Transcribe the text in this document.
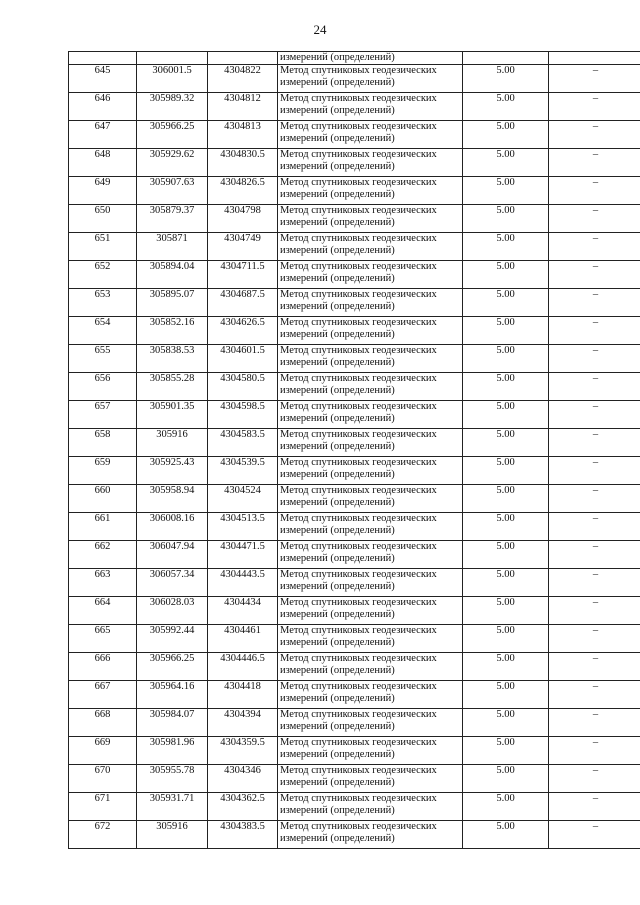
24
			измерений (определений)		
645	306001.5	4304822	Метод спутниковых геодезических
измерений (определений)	5.00	–
646	305989.32	4304812	Метод спутниковых геодезических
измерений (определений)	5.00	–
647	305966.25	4304813	Метод спутниковых геодезических
измерений (определений)	5.00	–
648	305929.62	4304830.5	Метод спутниковых геодезических
измерений (определений)	5.00	–
649	305907.63	4304826.5	Метод спутниковых геодезических
измерений (определений)	5.00	–
650	305879.37	4304798	Метод спутниковых геодезических
измерений (определений)	5.00	–
651	305871	4304749	Метод спутниковых геодезических
измерений (определений)	5.00	–
652	305894.04	4304711.5	Метод спутниковых геодезических
измерений (определений)	5.00	–
653	305895.07	4304687.5	Метод спутниковых геодезических
измерений (определений)	5.00	–
654	305852.16	4304626.5	Метод спутниковых геодезических
измерений (определений)	5.00	–
655	305838.53	4304601.5	Метод спутниковых геодезических
измерений (определений)	5.00	–
656	305855.28	4304580.5	Метод спутниковых геодезических
измерений (определений)	5.00	–
657	305901.35	4304598.5	Метод спутниковых геодезических
измерений (определений)	5.00	–
658	305916	4304583.5	Метод спутниковых геодезических
измерений (определений)	5.00	–
659	305925.43	4304539.5	Метод спутниковых геодезических
измерений (определений)	5.00	–
660	305958.94	4304524	Метод спутниковых геодезических
измерений (определений)	5.00	–
661	306008.16	4304513.5	Метод спутниковых геодезических
измерений (определений)	5.00	–
662	306047.94	4304471.5	Метод спутниковых геодезических
измерений (определений)	5.00	–
663	306057.34	4304443.5	Метод спутниковых геодезических
измерений (определений)	5.00	–
664	306028.03	4304434	Метод спутниковых геодезических
измерений (определений)	5.00	–
665	305992.44	4304461	Метод спутниковых геодезических
измерений (определений)	5.00	–
666	305966.25	4304446.5	Метод спутниковых геодезических
измерений (определений)	5.00	–
667	305964.16	4304418	Метод спутниковых геодезических
измерений (определений)	5.00	–
668	305984.07	4304394	Метод спутниковых геодезических
измерений (определений)	5.00	–
669	305981.96	4304359.5	Метод спутниковых геодезических
измерений (определений)	5.00	–
670	305955.78	4304346	Метод спутниковых геодезических
измерений (определений)	5.00	–
671	305931.71	4304362.5	Метод спутниковых геодезических
измерений (определений)	5.00	–
672	305916	4304383.5	Метод спутниковых геодезических
измерений (определений)	5.00	–
